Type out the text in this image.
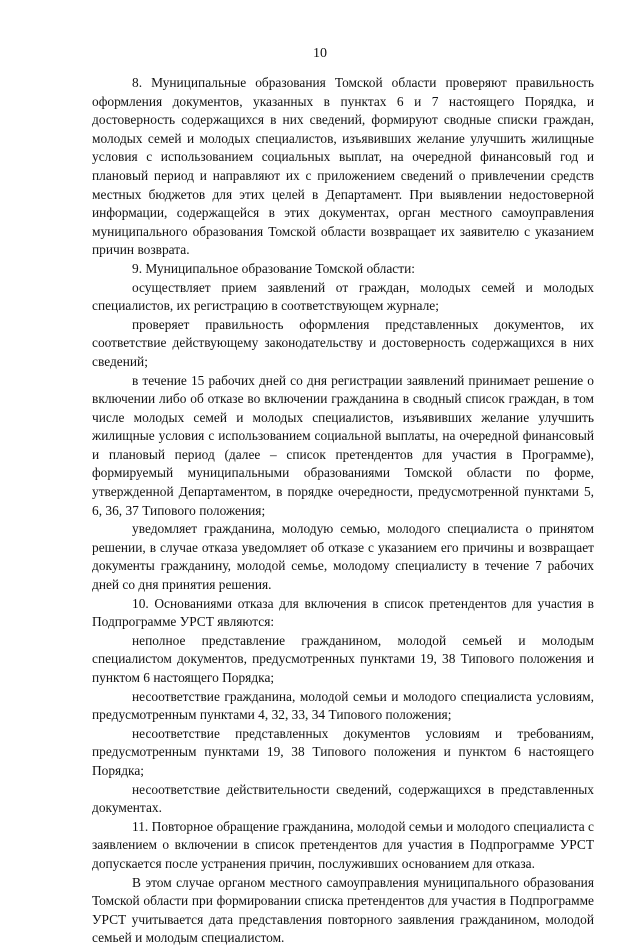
10

8. Муниципальные образования Томской области проверяют правильность оформления документов, указанных в пунктах 6 и 7 настоящего Порядка, и достоверность содержащихся в них сведений, формируют сводные списки граждан, молодых семей и молодых специалистов, изъявивших желание улучшить жилищные условия с использованием социальных выплат, на очередной финансовый год и плановый период и направляют их с приложением сведений о привлечении средств местных бюджетов для этих целей в Департамент. При выявлении недостоверной информации, содержащейся в этих документах, орган местного самоуправления муниципального образования Томской области возвращает их заявителю с указанием причин возврата.

9. Муниципальное образование Томской области:

осуществляет прием заявлений от граждан, молодых семей и молодых специалистов, их регистрацию в соответствующем журнале;

проверяет правильность оформления представленных документов, их соответствие действующему законодательству и достоверность содержащихся в них сведений;

в течение 15 рабочих дней со дня регистрации заявлений принимает решение о включении либо об отказе во включении гражданина в сводный список граждан, в том числе молодых семей и молодых специалистов, изъявивших желание улучшить жилищные условия с использованием социальной выплаты, на очередной финансовый и плановый период (далее – список претендентов для участия в Программе), формируемый муниципальными образованиями Томской области по форме, утвержденной Департаментом, в порядке очередности, предусмотренной пунктами 5, 6, 36, 37 Типового положения;

уведомляет гражданина, молодую семью, молодого специалиста о принятом решении, в случае отказа уведомляет об отказе с указанием его причины и возвращает документы гражданину, молодой семье, молодому специалисту в течение 7 рабочих дней со дня принятия решения.

10. Основаниями отказа для включения в список претендентов для участия в Подпрограмме УРСТ являются:

неполное представление гражданином, молодой семьей и молодым специалистом документов, предусмотренных пунктами 19, 38 Типового положения и пунктом 6 настоящего Порядка;

несоответствие гражданина, молодой семьи и молодого специалиста условиям, предусмотренным пунктами 4, 32, 33, 34 Типового положения;

несоответствие представленных документов условиям и требованиям, предусмотренным пунктами 19, 38 Типового положения и пунктом 6 настоящего Порядка;

несоответствие действительности сведений, содержащихся в представленных документах.

11. Повторное обращение гражданина, молодой семьи и молодого специалиста с заявлением о включении в список претендентов для участия в Подпрограмме УРСТ допускается после устранения причин, послуживших основанием для отказа.

В этом случае органом местного самоуправления муниципального образования Томской области при формировании списка претендентов для участия в Подпрограмме УРСТ учитывается дата представления повторного заявления гражданином, молодой семьей и молодым специалистом.
